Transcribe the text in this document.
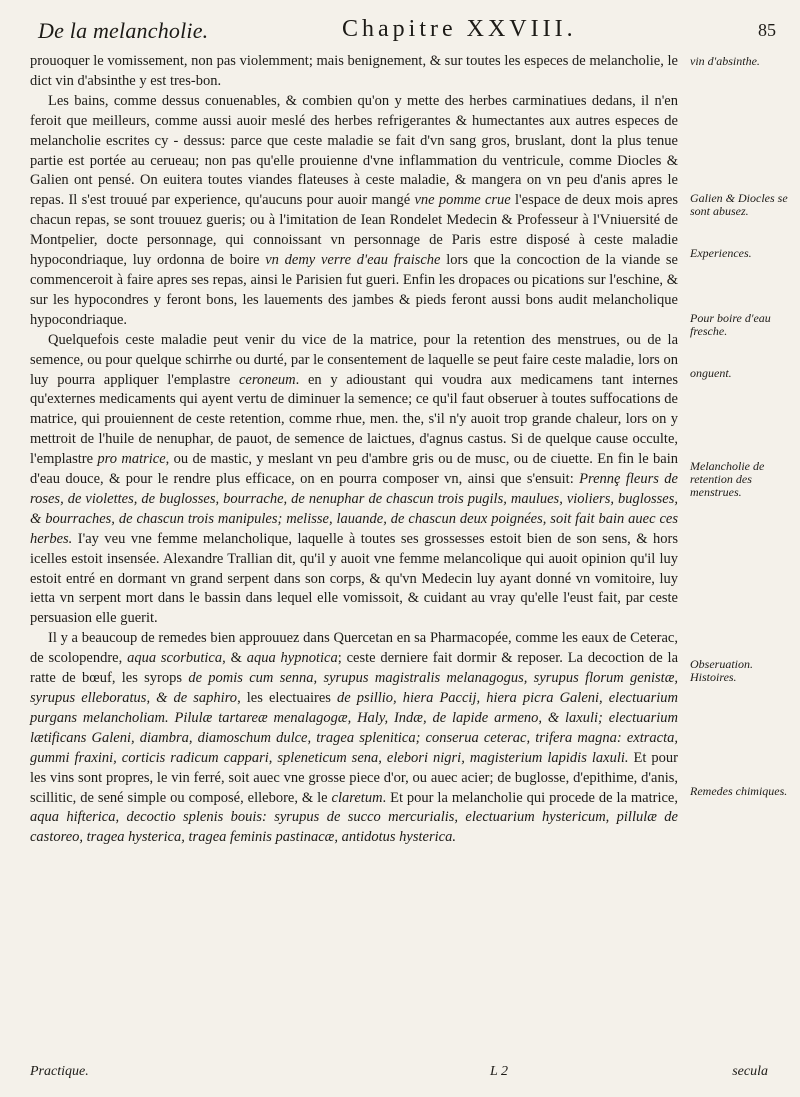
De la melancholie.	Chapitre XXVIII.	85

prouoquer le vomissement, non pas violemment; mais benignement, & sur toutes les especes de melancholie, le dict vin d'absinthe y est tres-bon.

Les bains, comme dessus conuenables, & combien qu'on y mette des herbes carminatiues dedans, il n'en feroit que meilleurs, comme aussi auoir meslé des herbes refrigerantes & humectantes aux autres especes de melancholie escrites cy - dessus: parce que ceste maladie se fait d'vn sang gros, bruslant, dont la plus tenue partie est portée au cerueau; non pas qu'elle prouienne d'vne inflammation du ventricule, comme Diocles & Galien ont pensé. On euitera toutes viandes flateuses à ceste maladie, & mangera on vn peu d'anis apres le repas. Il s'est trouué par experience, qu'aucuns pour auoir mangé vne pomme crue l'espace de deux mois apres chacun repas, se sont trouuez gueris; ou à l'imitation de Iean Rondelet Medecin & Professeur à l'Vniuersité de Montpelier, docte personnage, qui connoissant vn personnage de Paris estre disposé à ceste maladie hypocondriaque, luy ordonna de boire vn demy verre d'eau fraische lors que la concoction de la viande se commenceroit à faire apres ses repas, ainsi le Parisien fut gueri. Enfin les dropaces ou pications sur l'eschine, & sur les hypocondres y feront bons, les lauements des jambes & pieds feront aussi bons audit melancholique hypocondriaque.

Quelquefois ceste maladie peut venir du vice de la matrice, pour la retention des menstrues, ou de la semence, ou pour quelque schirrhe ou durté, par le consentement de laquelle se peut faire ceste maladie, lors on luy pourra appliquer l'emplastre ceroneum. en y adioustant qui voudra aux medicamens tant internes qu'externes medicaments qui ayent vertu de diminuer la semence; ce qu'il faut obseruer à toutes suffocations de matrice, qui prouiennent de ceste retention, comme rhue, men. the, s'il n'y auoit trop grande chaleur, lors on y mettroit de l'huile de nenuphar, de pauot, de semence de laictues, d'agnus castus. Si de quelque cause occulte, l'emplastre pro matrice, ou de mastic, y meslant vn peu d'ambre gris ou de musc, ou de ciuette. En fin le bain d'eau douce, & pour le rendre plus efficace, on en pourra composer vn, ainsi que s'ensuit: Prennȩ fleurs de roses, de violettes, de buglosses, bourrache, de nenuphar de chascun trois pugils, maulues, violiers, buglosses, & bourraches, de chascun trois manipules; melisse, lauande, de chascun deux poignées, soit fait bain auec ces herbes. I'ay veu vne femme melancholique, laquelle à toutes ses grossesses estoit bien de son sens, & hors icelles estoit insensée. Alexandre Trallian dit, qu'il y auoit vne femme melancolique qui auoit opinion qu'il luy estoit entré en dormant vn grand serpent dans son corps, & qu'vn Medecin luy ayant donné vn vomitoire, luy ietta vn serpent mort dans le bassin dans lequel elle vomissoit, & cuidant au vray qu'elle l'eust fait, par ceste persuasion elle guerit.

Il y a beaucoup de remedes bien approuuez dans Quercetan en sa Pharmacopée, comme les eaux de Ceterac, de scolopendre, aqua scorbutica, & aqua hypnotica; ceste derniere fait dormir & reposer. La decoction de la ratte de bœuf, les syrops de pomis cum senna, syrupus magistralis melanagogus, syrupus florum genistæ, syrupus elleboratus, & de saphiro, les electuaires de psillio, hiera Paccij, hiera picra Galeni, electuarium purgans melancholiam. Pilulæ tartareæ menalagogæ, Haly, Indæ, de lapide armeno, & laxuli; electuarium lætificans Galeni, diambra, diamoschum dulce, tragea splenitica; conserua ceterac, trifera magna: extracta, gummi fraxini, corticis radicum cappari, spleneticum sena, elebori nigri, magisterium lapidis laxuli. Et pour les vins sont propres, le vin ferré, soit auec vne grosse piece d'or, ou auec acier; de buglosse, d'epithime, d'anis, scillitic, de sené simple ou composé, ellebore, & le claretum. Et pour la melancholie qui procede de la matrice, aqua hifterica, decoctio splenis bouis: syrupus de succo mercurialis, electuarium hystericum, pillulæ de castoreo, tragea hysterica, tragea feminis pastinacæ, antidotus hysterica.

vin d'absinthe.
Galien & Diocles se sont abusez.
Experiences.
Pour boire d'eau fresche.
onguent.
Melancholie de retention des menstrues.
Obseruation. Histoires.
Remedes chimiques.
Practique.	L 2	secula
